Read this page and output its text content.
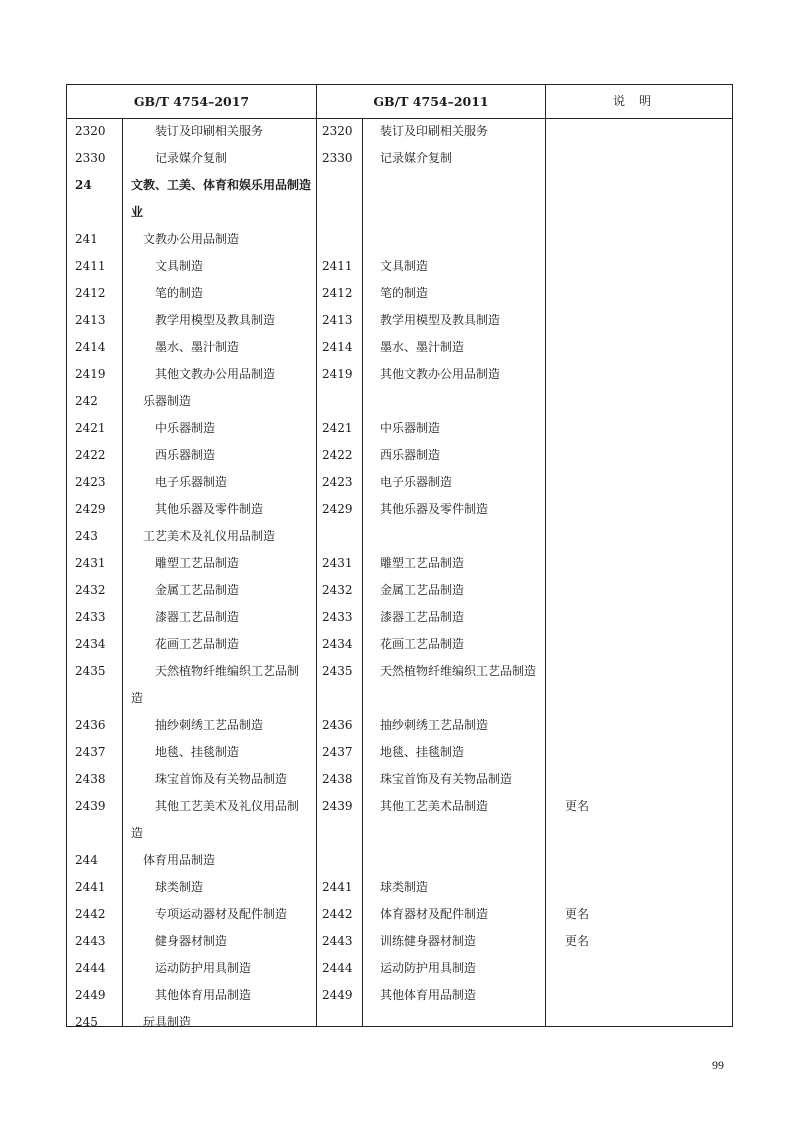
GB/T 4754–2017	GB/T 4754–2011	说明
2320	装订及印刷相关服务	2320 装订及印刷相关服务
2330	记录媒介复制	2330 记录媒介复制
24	文教、工美、体育和娱乐用品制造
业
241	文教办公用品制造
2411	文具制造	2411 文具制造
2412	笔的制造	2412 笔的制造
2413	教学用模型及教具制造	2413 教学用模型及教具制造
2414	墨水、墨汁制造	2414 墨水、墨汁制造
2419	其他文教办公用品制造	2419 其他文教办公用品制造
242	乐器制造
2421	中乐器制造	2421 中乐器制造
2422	西乐器制造	2422 西乐器制造
2423	电子乐器制造	2423 电子乐器制造
2429	其他乐器及零件制造	2429 其他乐器及零件制造
243	工艺美术及礼仪用品制造
2431	雕塑工艺品制造	2431 雕塑工艺品制造
2432	金属工艺品制造	2432 金属工艺品制造
2433	漆器工艺品制造	2433 漆器工艺品制造
2434	花画工艺品制造	2434 花画工艺品制造
2435	天然植物纤维编织工艺品制 2435 天然植物纤维编织工艺品制造
造
2436	抽纱刺绣工艺品制造	2436 抽纱刺绣工艺品制造
2437	地毯、挂毯制造	2437 地毯、挂毯制造
2438	珠宝首饰及有关物品制造	2438 珠宝首饰及有关物品制造
2439	其他工艺美术及礼仪用品制 2439 其他工艺美术品制造	更名
造
244	体育用品制造
2441	球类制造	2441 球类制造
2442	专项运动器材及配件制造	2442 体育器材及配件制造	更名
2443	健身器材制造	2443 训练健身器材制造	更名
2444	运动防护用具制造	2444 运动防护用具制造
2449	其他体育用品制造	2449 其他体育用品制造
245	玩具制造
99
